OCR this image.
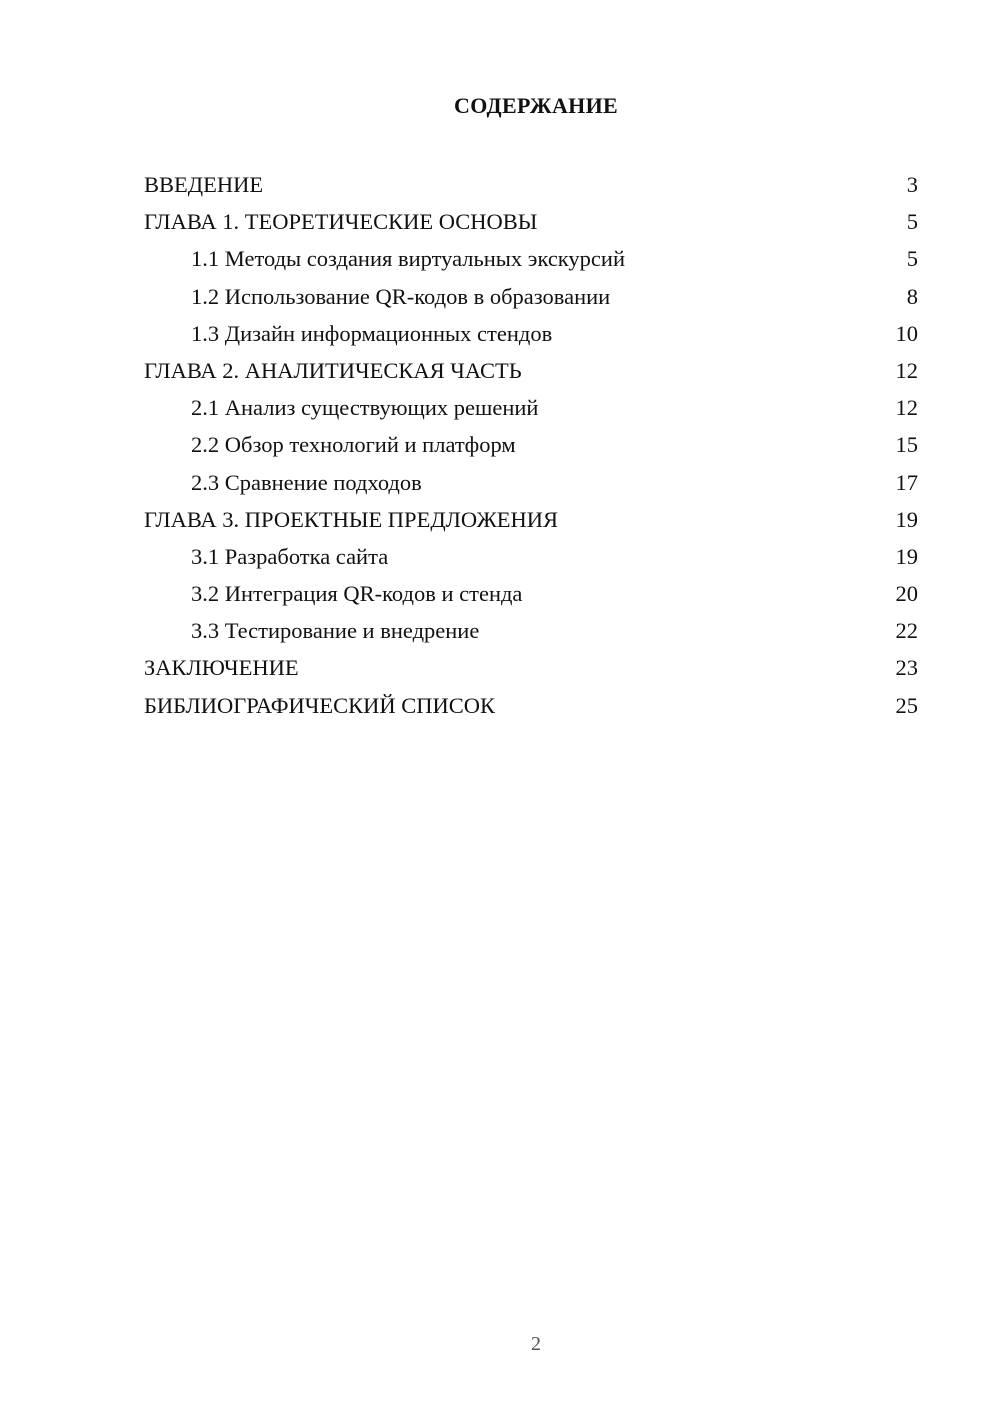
СОДЕРЖАНИЕ
ВВЕДЕНИЕ	3
ГЛАВА 1. ТЕОРЕТИЧЕСКИЕ ОСНОВЫ	5
1.1 Методы создания виртуальных экскурсий	5
1.2 Использование QR-кодов в образовании	8
1.3 Дизайн информационных стендов	10
ГЛАВА 2. АНАЛИТИЧЕСКАЯ ЧАСТЬ	12
2.1 Анализ существующих решений	12
2.2 Обзор технологий и платформ	15
2.3 Сравнение подходов	17
ГЛАВА 3. ПРОЕКТНЫЕ ПРЕДЛОЖЕНИЯ	19
3.1 Разработка сайта	19
3.2 Интеграция QR-кодов и стенда	20
3.3 Тестирование и внедрение	22
ЗАКЛЮЧЕНИЕ	23
БИБЛИОГРАФИЧЕСКИЙ СПИСОК	25
2
